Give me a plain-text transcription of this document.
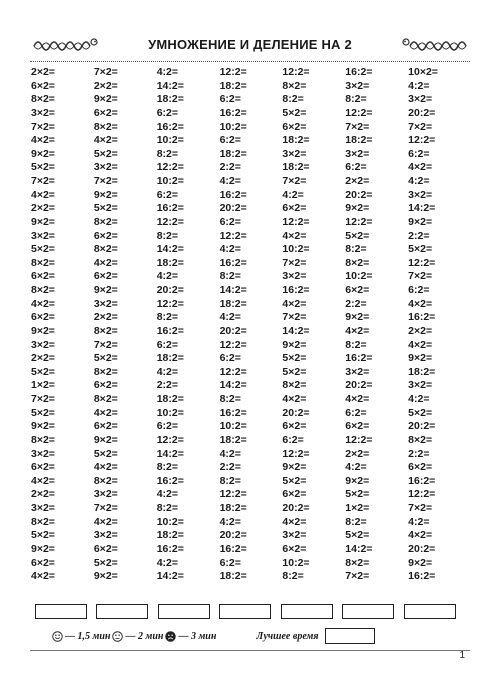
УМНОЖЕНИЕ И ДЕЛЕНИЕ НА 2
2×2=	7×2=	4:2=	12:2=	12:2=	16:2=	10×2=
6×2=	2×2=	14:2=	18:2=	8×2=	3×2=	4:2=
8×2=	9×2=	18:2=	6:2=	8:2=	8:2=	3×2=
3×2=	6×2=	6:2=	16:2=	5×2=	12:2=	20:2=
7×2=	8×2=	16:2=	10:2=	6×2=	7×2=	7×2=
4×2=	4×2=	10:2=	6:2=	18:2=	18:2=	12:2=
9×2=	5×2=	8:2=	18:2=	3×2=	3×2=	6:2=
5×2=	3×2=	12:2=	2:2=	18:2=	6:2=	4×2=
7×2=	7×2=	10:2=	4:2=	7×2=	2×2=	4:2=
4×2=	9×2=	6:2=	16:2=	4:2=	20:2=	3×2=
2×2=	5×2=	16:2=	20:2=	6×2=	9×2=	14:2=
9×2=	8×2=	12:2=	6:2=	12:2=	12:2=	9×2=
3×2=	6×2=	8:2=	12:2=	4×2=	5×2=	2:2=
5×2=	8×2=	14:2=	4:2=	10:2=	8:2=	5×2=
8×2=	4×2=	18:2=	16:2=	7×2=	8×2=	12:2=
6×2=	6×2=	4:2=	8:2=	3×2=	10:2=	7×2=
8×2=	9×2=	20:2=	14:2=	16:2=	6×2=	6:2=
4×2=	3×2=	12:2=	18:2=	4×2=	2:2=	4×2=
6×2=	2×2=	8:2=	4:2=	7×2=	9×2=	16:2=
9×2=	8×2=	16:2=	20:2=	14:2=	4×2=	2×2=
3×2=	7×2=	6:2=	12:2=	9×2=	8:2=	4×2=
2×2=	5×2=	18:2=	6:2=	5×2=	16:2=	9×2=
5×2=	8×2=	4:2=	12:2=	5×2=	3×2=	18:2=
1×2=	6×2=	2:2=	14:2=	8×2=	20:2=	3×2=
7×2=	8×2=	18:2=	8:2=	4×2=	4×2=	4:2=
5×2=	4×2=	10:2=	16:2=	20:2=	6:2=	5×2=
9×2=	6×2=	6:2=	10:2=	6×2=	6×2=	20:2=
8×2=	9×2=	12:2=	18:2=	6:2=	12:2=	8×2=
3×2=	5×2=	14:2=	4:2=	12:2=	2×2=	2:2=
6×2=	4×2=	8:2=	2:2=	9×2=	4:2=	6×2=
4×2=	8×2=	16:2=	8:2=	5×2=	9×2=	16:2=
2×2=	3×2=	4:2=	12:2=	6×2=	5×2=	12:2=
3×2=	7×2=	8:2=	18:2=	20:2=	1×2=	7×2=
8×2=	4×2=	10:2=	4:2=	4×2=	8:2=	4:2=
5×2=	3×2=	18:2=	20:2=	3×2=	5×2=	4×2=
9×2=	6×2=	16:2=	16:2=	6×2=	14:2=	20:2=
6×2=	5×2=	4:2=	6:2=	10:2=	8×2=	9×2=
4×2=	9×2=	14:2=	18:2=	8:2=	7×2=	16:2=
— 1,5 мин — 2 мин — 3 мин	Лучшее время
1
